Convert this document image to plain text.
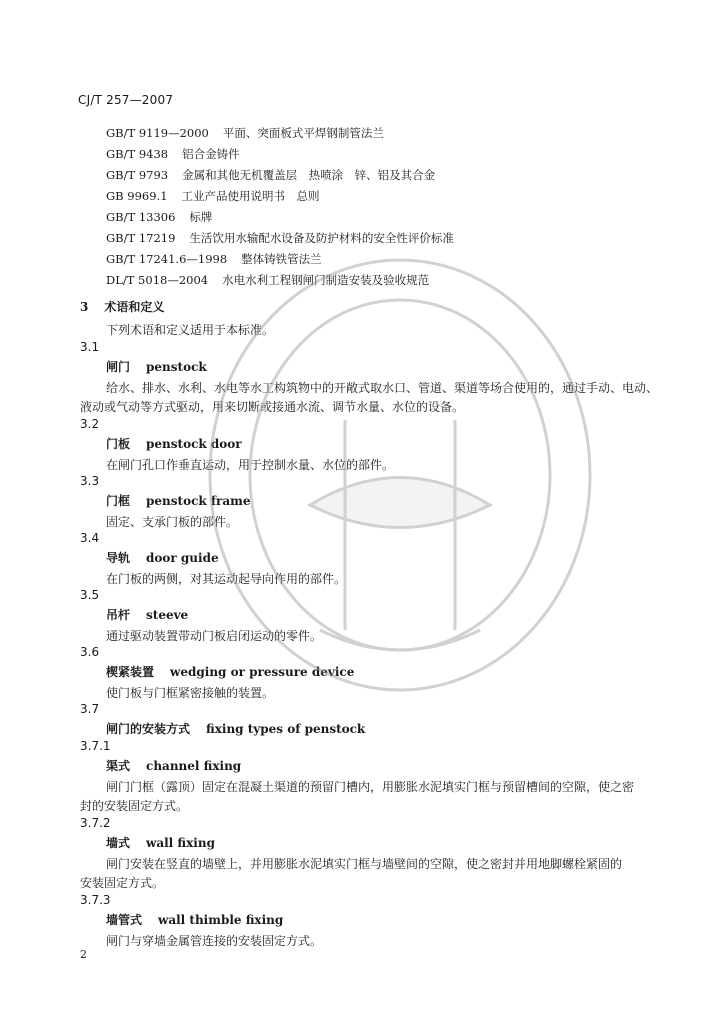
CJ/T 257—2007
GB/T 9119—2000 平面、突面板式平焊钢制管法兰
GB/T 9438 铝合金铸件
GB/T 9793 金属和其他无机覆盖层　热喷涂　锌、铝及其合金
GB 9969.1 工业产品使用说明书　总则
GB/T 13306 标牌
GB/T 17219 生活饮用水输配水设备及防护材料的安全性评价标准
GB/T 17241.6—1998 整体铸铁管法兰
DL/T 5018—2004 水电水利工程钢闸门制造安装及验收规范
3 术语和定义
下列术语和定义适用于本标准。
3.1
闸门 penstock
给水、排水、水利、水电等水工构筑物中的开敞式取水口、管道、渠道等场合使用的，通过手动、电动、
液动或气动等方式驱动，用来切断或接通水流、调节水量、水位的设备。
3.2
门板 penstock door
在闸门孔口作垂直运动，用于控制水量、水位的部件。
3.3
门框 penstock frame
固定、支承门板的部件。
3.4
导轨 door guide
在门板的两侧，对其运动起导向作用的部件。
3.5
吊杆 steeve
通过驱动装置带动门板启闭运动的零件。
3.6
楔紧装置 wedging or pressure device
使门板与门框紧密接触的装置。
3.7
闸门的安装方式 fixing types of penstock
3.7.1
渠式 channel fixing
闸门门框（露顶）固定在混凝土渠道的预留门槽内，用膨胀水泥填实门框与预留槽间的空隙，使之密
封的安装固定方式。
3.7.2
墙式 wall fixing
闸门安装在竖直的墙壁上，并用膨胀水泥填实门框与墙壁间的空隙，使之密封并用地脚螺栓紧固的
安装固定方式。
3.7.3
墙管式 wall thimble fixing
闸门与穿墙金属管连接的安装固定方式。
2
